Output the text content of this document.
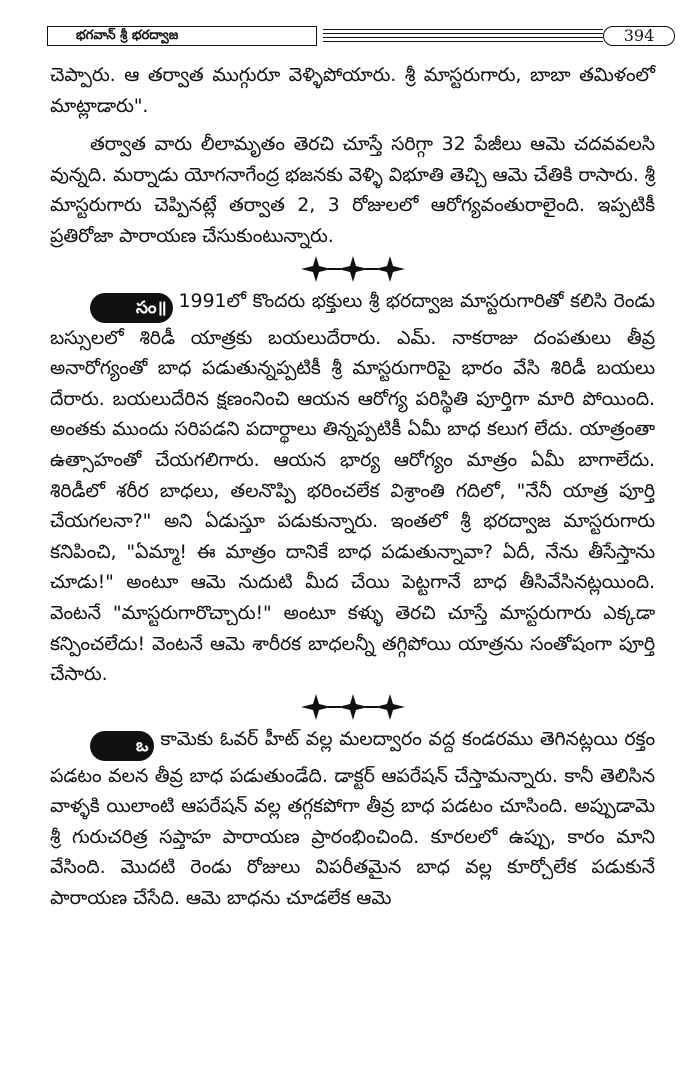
భగవాన్ శ్రీ భరద్వాజ	394

చెప్పారు. ఆ తర్వాత ముగ్గురూ వెళ్ళిపోయారు. శ్రీ మాస్టరుగారు, బాబా తమిళంలో మాట్లాడారు".

తర్వాత వారు లీలామృతం తెరచి చూస్తే సరిగ్గా 32 పేజీలు ఆమె చదవవలసి వున్నది. మర్నాడు యోగనాగేంద్ర భజనకు వెళ్ళి విభూతి తెచ్చి ఆమె చేతికి రాసారు. శ్రీ మాస్టరుగారు చెప్పినట్లే తర్వాత 2, 3 రోజులలో ఆరోగ్యవంతురాలైంది. ఇప్పటికీ ప్రతిరోజా పారాయణ చేసుకుంటున్నారు.

సం॥ 1991లో కొందరు భక్తులు శ్రీ భరద్వాజ మాస్టరుగారితో కలిసి రెండు బస్సులలో శిరిడీ యాత్రకు బయలుదేరారు. ఎమ్. నాకరాజు దంపతులు తీవ్ర అనారోగ్యంతో బాధ పడుతున్నప్పటికీ శ్రీ మాస్టరుగారిపై భారం వేసి శిరిడీ బయలు దేరారు. బయలుదేరిన క్షణంనించి ఆయన ఆరోగ్య పరిస్థితి పూర్తిగా మారి పోయింది. అంతకు ముందు సరిపడని పదార్థాలు తిన్నప్పటికీ ఏమీ బాధ కలుగ లేదు. యాత్రంతా ఉత్సాహంతో చేయగలిగారు. ఆయన భార్య ఆరోగ్యం మాత్రం ఏమీ బాగాలేదు. శిరిడీలో శరీర బాధలు, తలనొప్పి భరించలేక విశ్రాంతి గదిలో, "నేనీ యాత్ర పూర్తి చేయగలనా?" అని ఏడుస్తూ పడుకున్నారు. ఇంతలో శ్రీ భరద్వాజ మాస్టరుగారు కనిపించి, "ఏమ్మా! ఈ మాత్రం దానికే బాధ పడుతున్నావా? ఏదీ, నేను తీసేస్తాను చూడు!" అంటూ ఆమె నుదుటి మీద చేయి పెట్టగానే బాధ తీసివేసినట్లయింది. వెంటనే "మాస్టరుగారొచ్చారు!" అంటూ కళ్ళు తెరచి చూస్తే మాస్టరుగారు ఎక్కడా కన్పించలేదు! వెంటనే ఆమె శారీరక బాధలన్నీ తగ్గిపోయి యాత్రను సంతోషంగా పూర్తి చేసారు.

ఒ కామెకు ఓవర్ హీట్ వల్ల మలద్వారం వద్ద కండరము తెగినట్లయి రక్తం పడటం వలన తీవ్ర బాధ పడుతుండేది. డాక్టర్ ఆపరేషన్ చేస్తామన్నారు. కానీ తెలిసిన వాళ్ళకి యిలాంటి ఆపరేషన్ వల్ల తగ్గకపోగా తీవ్ర బాధ పడటం చూసింది. అప్పుడామె శ్రీ గురుచరిత్ర సప్తాహ పారాయణ ప్రారంభించింది. కూరలలో ఉప్పు, కారం మాని వేసింది. మొదటి రెండు రోజులు విపరీతమైన బాధ వల్ల కూర్చోలేక పడుకునే పారాయణ చేసేది. ఆమె బాధను చూడలేక ఆమె
